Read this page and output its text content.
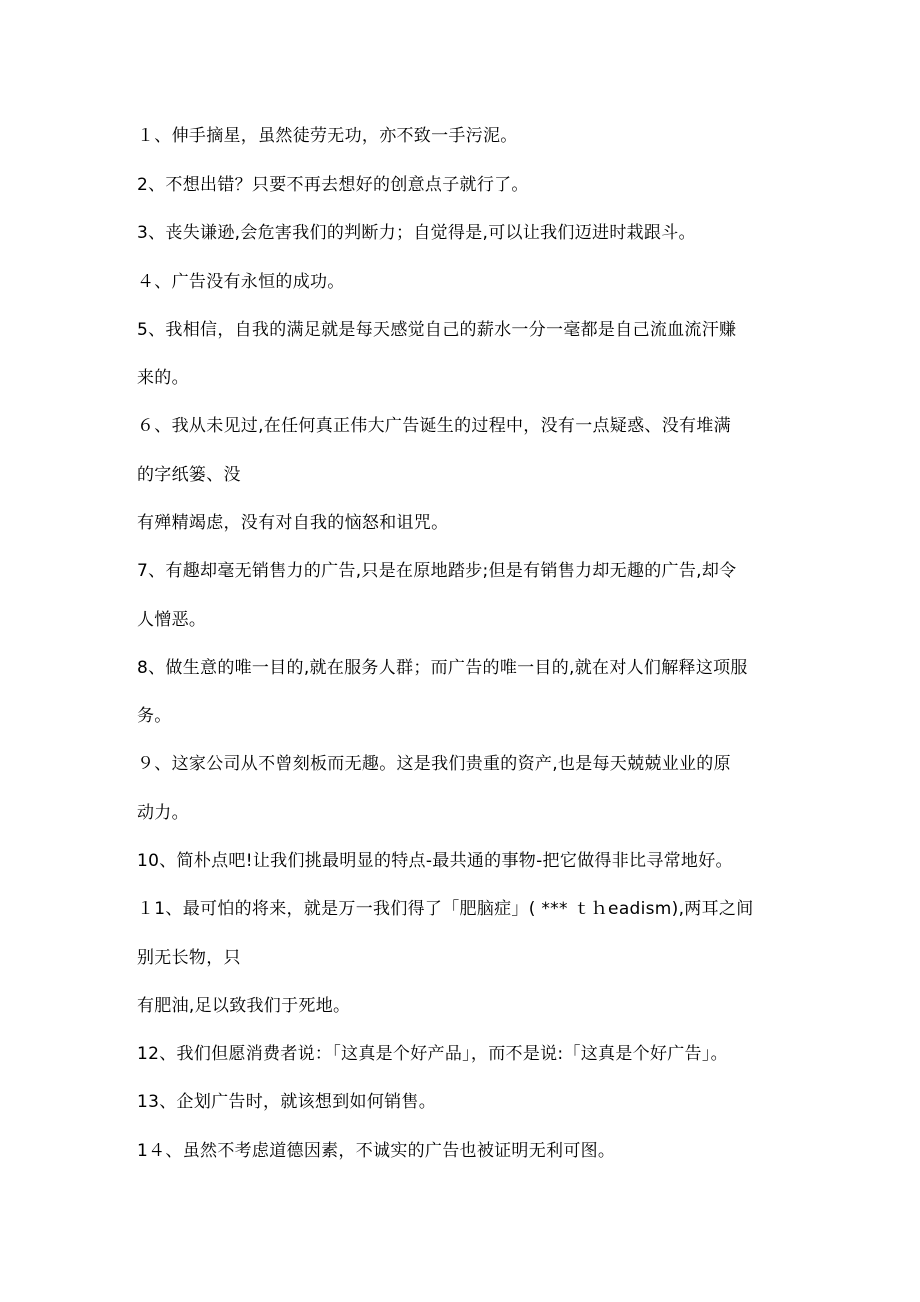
１、伸手摘星，虽然徒劳无功，亦不致一手污泥。
2、不想出错？只要不再去想好的创意点子就行了。
3、丧失谦逊,会危害我们的判断力；自觉得是,可以让我们迈进时栽跟斗。
４、广告没有永恒的成功。
5、我相信，自我的满足就是每天感觉自己的薪水一分一毫都是自己流血流汗赚
来的。
６、我从未见过,在任何真正伟大广告诞生的过程中，没有一点疑惑、没有堆满
的字纸篓、没
有殚精竭虑，没有对自我的恼怒和诅咒。
7、有趣却毫无销售力的广告,只是在原地踏步;但是有销售力却无趣的广告,却令
人憎恶。
8、做生意的唯一目的,就在服务人群；而广告的唯一目的,就在对人们解释这项服
务。
９、这家公司从不曾刻板而无趣。这是我们贵重的资产,也是每天兢兢业业的原
动力。
10、简朴点吧!让我们挑最明显的特点-最共通的事物-把它做得非比寻常地好。
１1、最可怕的将来，就是万一我们得了「肥脑症」( *** ｔｈeadism),两耳之间
别无长物，只
有肥油,足以致我们于死地。
12、我们但愿消费者说：「这真是个好产品」，而不是说:「这真是个好广告」。
13、企划广告时，就该想到如何销售。
1４、虽然不考虑道德因素，不诚实的广告也被证明无利可图。
